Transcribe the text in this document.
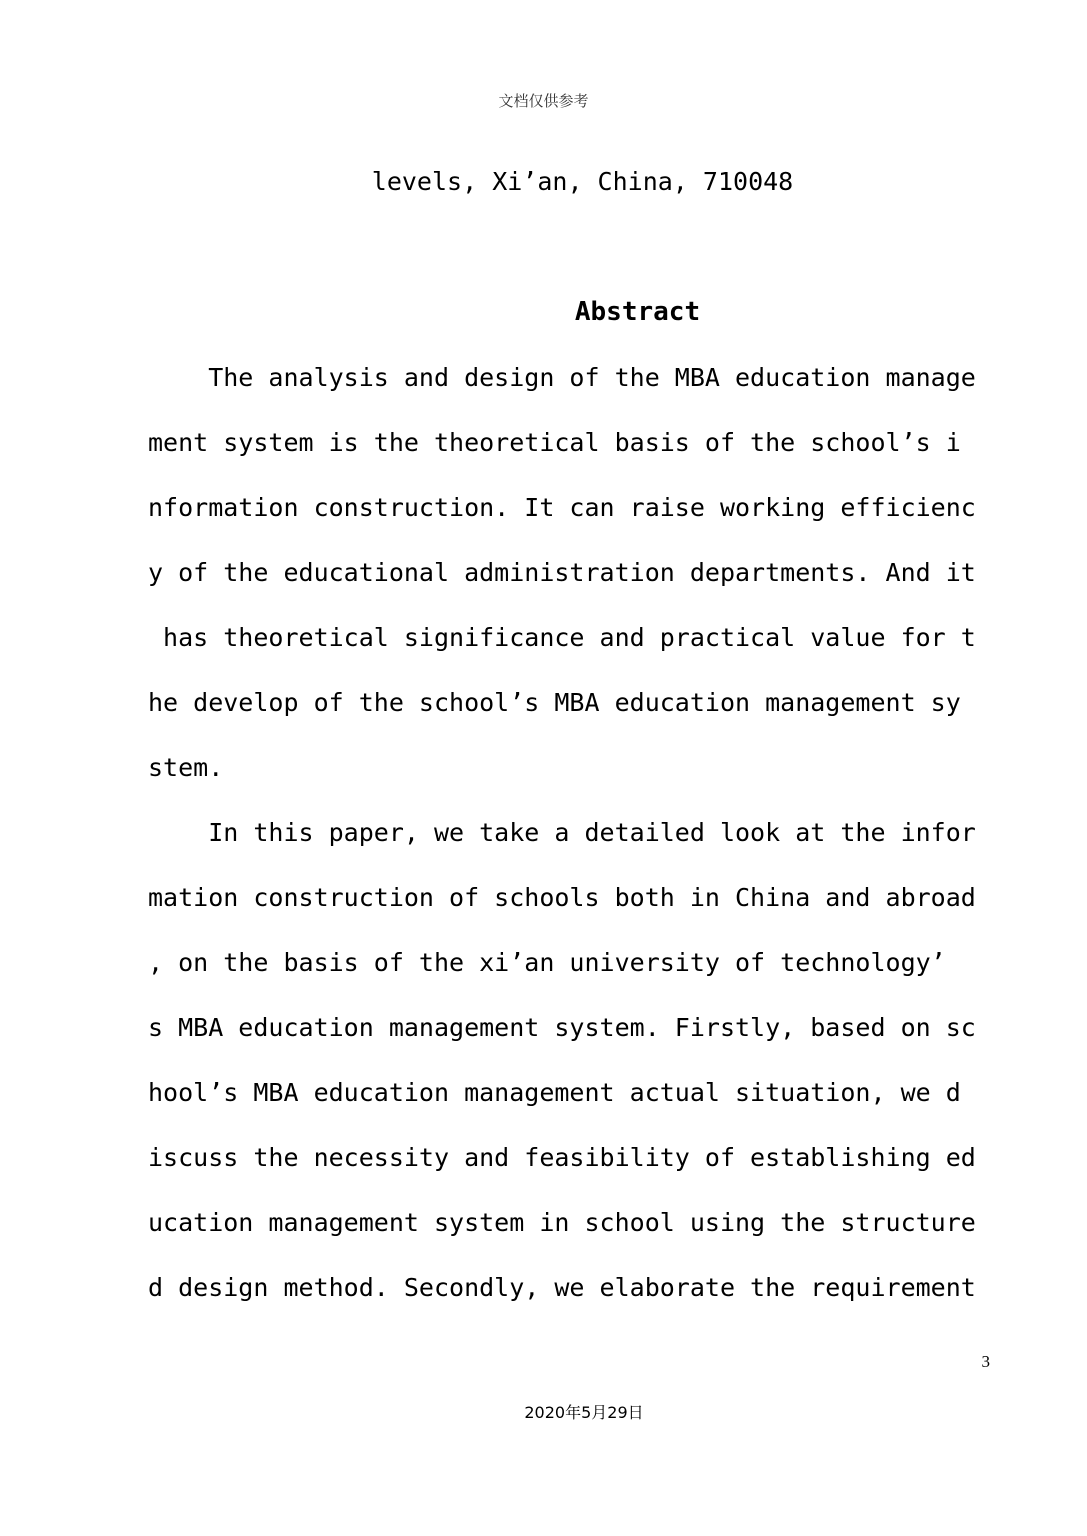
文档仅供参考
levels, Xi’an, China, 710048
Abstract
The analysis and design of the MBA education manage
ment system is the theoretical basis of the school’s i
nformation construction. It can raise working efficienc
y of the educational administration departments. And it
has theoretical significance and practical value for t
he develop of the school’s MBA education management sy
stem.
In this paper, we take a detailed look at the infor
mation construction of schools both in China and abroad
, on the basis of the xi’an university of technology’
s MBA education management system. Firstly, based on sc
hool’s MBA education management actual situation, we d
iscuss the necessity and feasibility of establishing ed
ucation management system in school using the structure
d design method. Secondly, we elaborate the requirement
3
2020年5月29日
